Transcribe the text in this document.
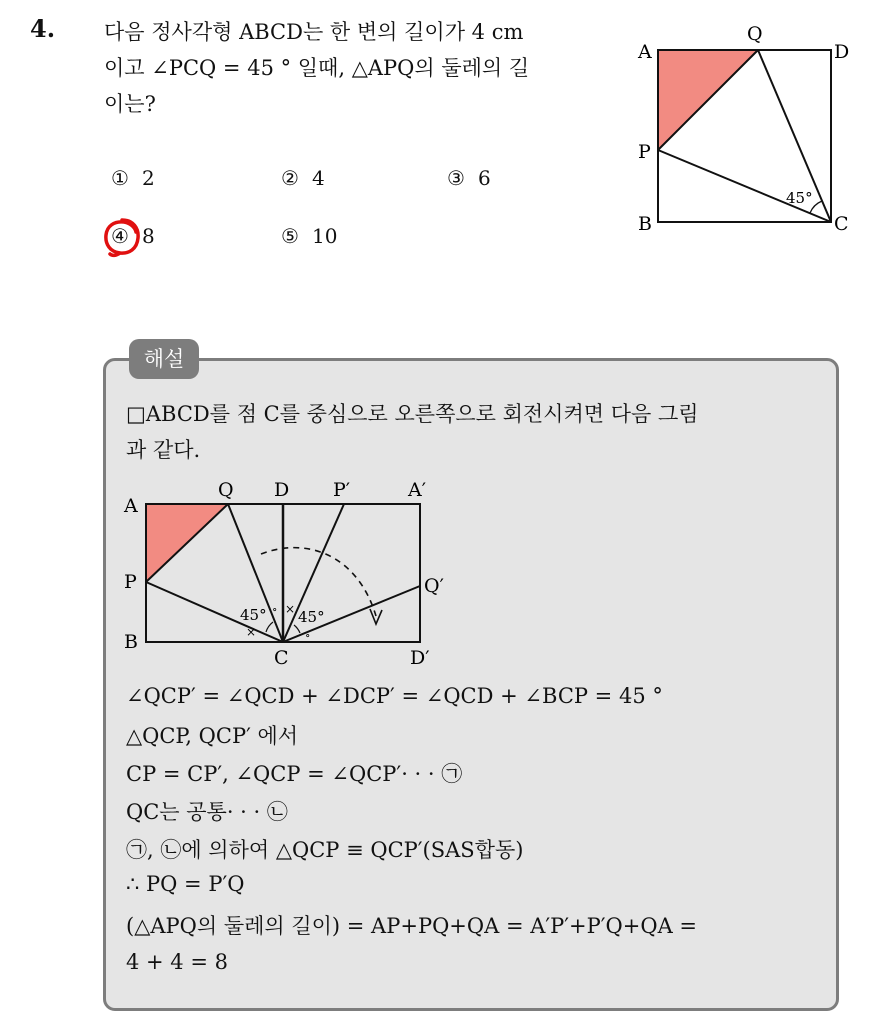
4. 다음 정사각형 ABCD는 한 변의 길이가 4 cm
이고 ∠PCQ = 45 ° 일때, △APQ의 둘레의 길
이는?
① 2	② 4	③ 6
④ 8	⑤ 10
A
Q
D
P
B	C
45°
해설
□ABCD를 점 C를 중심으로 오른쪽으로 회전시켜면 다음 그림
과 같다.
×
×
∘
∘
A
Q D P′	A′
P	Q′
B
C	D′
45° 45°
∠QCP′ = ∠QCD + ∠DCP′ = ∠QCD + ∠BCP = 45 °
△QCP, QCP′ 에서
CP = CP′, ∠QCP = ∠QCP′· · · ㉠
QC는 공통· · · ㉡
㉠, ㉡에 의하여 △QCP ≡ QCP′(SAS합동)
∴ PQ = P′Q
(△APQ의 둘레의 길이) = AP+PQ+QA = A′P′+P′Q+QA =
4 + 4 = 8
